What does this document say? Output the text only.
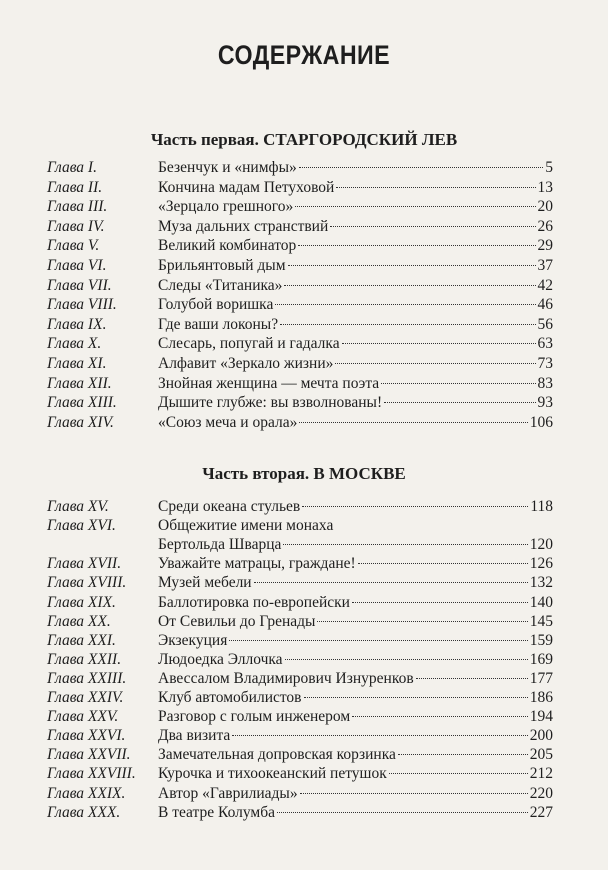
СОДЕРЖАНИЕ
Часть первая. СТАРГОРОДСКИЙ ЛЕВ
Глава I.	Безенчук и «нимфы»	5
Глава II.	Кончина мадам Петуховой	13
Глава III.	«Зерцало грешного»	20
Глава IV.	Муза дальних странствий	26
Глава V.	Великий комбинатор	29
Глава VI.	Брильянтовый дым	37
Глава VII.	Следы «Титаника»	42
Глава VIII.	Голубой воришка	46
Глава IX.	Где ваши локоны?	56
Глава X.	Слесарь, попугай и гадалка	63
Глава XI.	Алфавит «Зеркало жизни»	73
Глава XII.	Знойная женщина — мечта поэта	83
Глава XIII.	Дышите глубже: вы взволнованы!	93
Глава XIV.	«Союз меча и орала»	106
Часть вторая. В МОСКВЕ
Глава XV.	Среди океана стульев	118
Глава XVI.	Общежитие имени монаха
Бертольда Шварца	120
Глава XVII. Уважайте матрацы, граждане!	126
Глава XVIII. Музей мебели	132
Глава XIX.	Баллотировка по-европейски	140
Глава XX.	От Севильи до Гренады	145
Глава XXI.	Экзекуция	159
Глава XXII. Людоедка Эллочка	169
Глава XXIII. Авессалом Владимирович Изнуренков	177
Глава XXIV. Клуб автомобилистов	186
Глава XXV.	Разговор с голым инженером	194
Глава XXVI. Два визита	200
Глава XXVII. Замечательная допровская корзинка	205
Глава XXVIII. Курочка и тихоокеанский петушок	212
Глава XXIX. Автор «Гаврилиады»	220
Глава XXX. В театре Колумба	227
